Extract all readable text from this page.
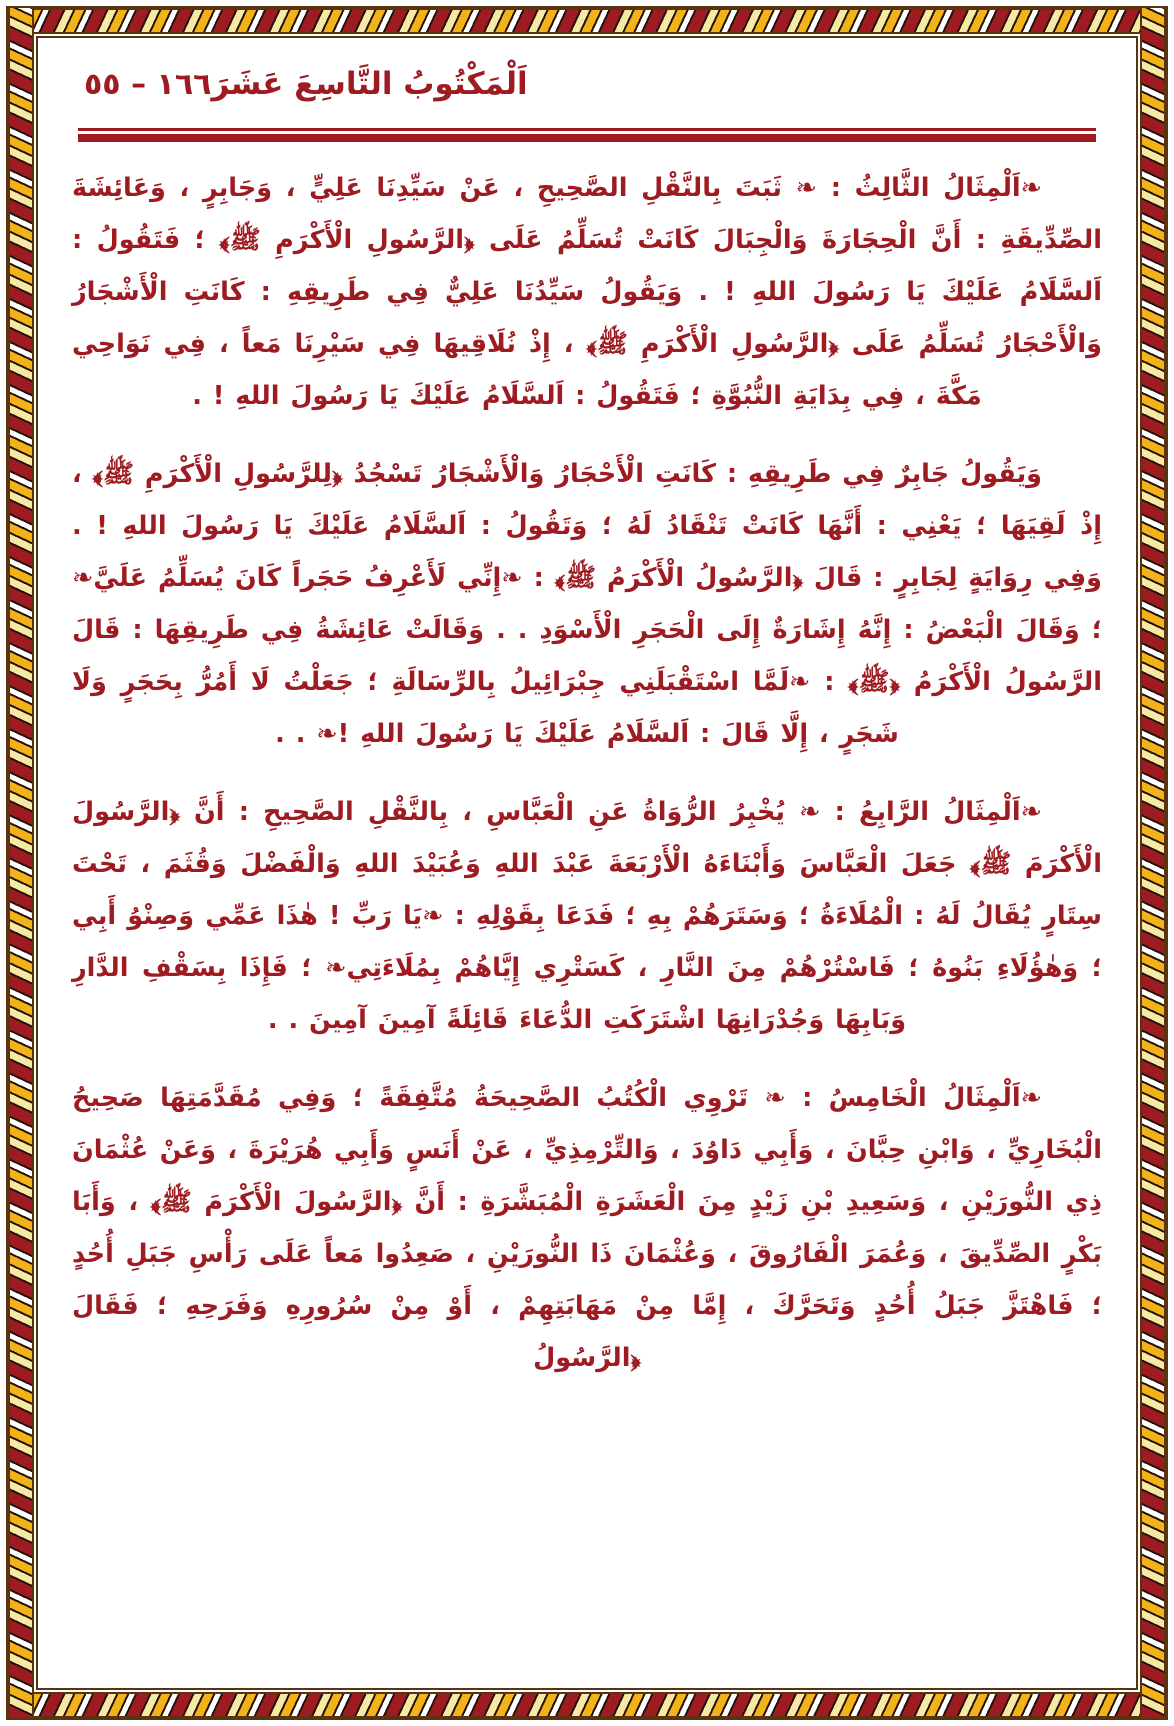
١٦٦ – ٥٥ اَلْمَكْتُوبُ التَّاسِعَ عَشَرَ

❧اَلْمِثَالُ الثَّالِثُ : ❧ ثَبَتَ بِالنَّقْلِ الصَّحِيحِ ، عَنْ سَيِّدِنَا عَلِيٍّ ، وَجَابِرٍ ، وَعَائِشَةَ الصِّدِّيقَةِ : أَنَّ الْحِجَارَةَ وَالْجِبَالَ كَانَتْ تُسَلِّمُ عَلَى ﴿الرَّسُولِ الْأَكْرَمِ ﷺ﴾ ؛ فَتَقُولُ : اَلسَّلَامُ عَلَيْكَ يَا رَسُولَ اللهِ ! . وَيَقُولُ سَيِّدُنَا عَلِيٌّ فِي طَرِيقِهِ : كَانَتِ الْأَشْجَارُ وَالْأَحْجَارُ تُسَلِّمُ عَلَى ﴿الرَّسُولِ الْأَكْرَمِ ﷺ﴾ ، إِذْ نُلَاقِيهَا فِي سَيْرِنَا مَعاً ، فِي نَوَاحِي مَكَّةَ ، فِي بِدَايَةِ النُّبُوَّةِ ؛ فَتَقُولُ : اَلسَّلَامُ عَلَيْكَ يَا رَسُولَ اللهِ ! .

وَيَقُولُ جَابِرٌ فِي طَرِيقِهِ : كَانَتِ الْأَحْجَارُ وَالْأَشْجَارُ تَسْجُدُ ﴿لِلرَّسُولِ الْأَكْرَمِ ﷺ﴾ ، إِذْ لَقِيَهَا ؛ يَعْنِي : أَنَّهَا كَانَتْ تَنْقَادُ لَهُ ؛ وَتَقُولُ : اَلسَّلَامُ عَلَيْكَ يَا رَسُولَ اللهِ ! . وَفِي رِوَايَةٍ لِجَابِرٍ : قَالَ ﴿الرَّسُولُ الْأَكْرَمُ ﷺ﴾ : ❧إِنِّي لَأَعْرِفُ حَجَراً كَانَ يُسَلِّمُ عَلَيَّ❧ ؛ وَقَالَ الْبَعْضُ : إِنَّهُ إِشَارَةٌ إِلَى الْحَجَرِ الْأَسْوَدِ . . وَقَالَتْ عَائِشَةُ فِي طَرِيقِهَا : قَالَ الرَّسُولُ الْأَكْرَمُ ﴿ﷺ﴾ : ❧لَمَّا اسْتَقْبَلَنِي جِبْرَائِيلُ بِالرِّسَالَةِ ؛ جَعَلْتُ لَا أَمُرُّ بِحَجَرٍ وَلَا شَجَرٍ ، إِلَّا قَالَ : اَلسَّلَامُ عَلَيْكَ يَا رَسُولَ اللهِ !❧ . .

❧اَلْمِثَالُ الرَّابِعُ : ❧ يُخْبِرُ الرُّوَاةُ عَنِ الْعَبَّاسِ ، بِالنَّقْلِ الصَّحِيحِ : أَنَّ ﴿الرَّسُولَ الْأَكْرَمَ ﷺ﴾ جَعَلَ الْعَبَّاسَ وَأَبْنَاءَهُ الْأَرْبَعَةَ عَبْدَ اللهِ وَعُبَيْدَ اللهِ وَالْفَضْلَ وَقُثَمَ ، تَحْتَ سِتَارٍ يُقَالُ لَهُ : الْمُلَاءَةُ ؛ وَسَتَرَهُمْ بِهِ ؛ فَدَعَا بِقَوْلِهِ : ❧يَا رَبِّ ! هٰذَا عَمِّي وَصِنْوُ أَبِي ؛ وَهٰؤُلَاءِ بَنُوهُ ؛ فَاسْتُرْهُمْ مِنَ النَّارِ ، كَسَتْرِي إِيَّاهُمْ بِمُلَاءَتِي❧ ؛ فَإِذَا بِسَقْفِ الدَّارِ وَبَابِهَا وَجُدْرَانِهَا اشْتَرَكَتِ الدُّعَاءَ قَائِلَةً آمِينَ آمِينَ . .

❧اَلْمِثَالُ الْخَامِسُ : ❧ تَرْوِي الْكُتُبُ الصَّحِيحَةُ مُتَّفِقَةً ؛ وَفِي مُقَدَّمَتِهَا صَحِيحُ الْبُخَارِيِّ ، وَابْنِ حِبَّانَ ، وَأَبِي دَاوُدَ ، وَالتِّرْمِذِيِّ ، عَنْ أَنَسٍ وَأَبِي هُرَيْرَةَ ، وَعَنْ عُثْمَانَ ذِي النُّورَيْنِ ، وَسَعِيدِ بْنِ زَيْدٍ مِنَ الْعَشَرَةِ الْمُبَشَّرَةِ : أَنَّ ﴿الرَّسُولَ الْأَكْرَمَ ﷺ﴾ ، وَأَبَا بَكْرٍ الصِّدِّيقَ ، وَعُمَرَ الْفَارُوقَ ، وَعُثْمَانَ ذَا النُّورَيْنِ ، صَعِدُوا مَعاً عَلَى رَأْسِ جَبَلِ أُحُدٍ ؛ فَاهْتَزَّ جَبَلُ أُحُدٍ وَتَحَرَّكَ ، إِمَّا مِنْ مَهَابَتِهِمْ ، أَوْ مِنْ سُرُورِهِ وَفَرَحِهِ ؛ فَقَالَ ﴿الرَّسُولُ
